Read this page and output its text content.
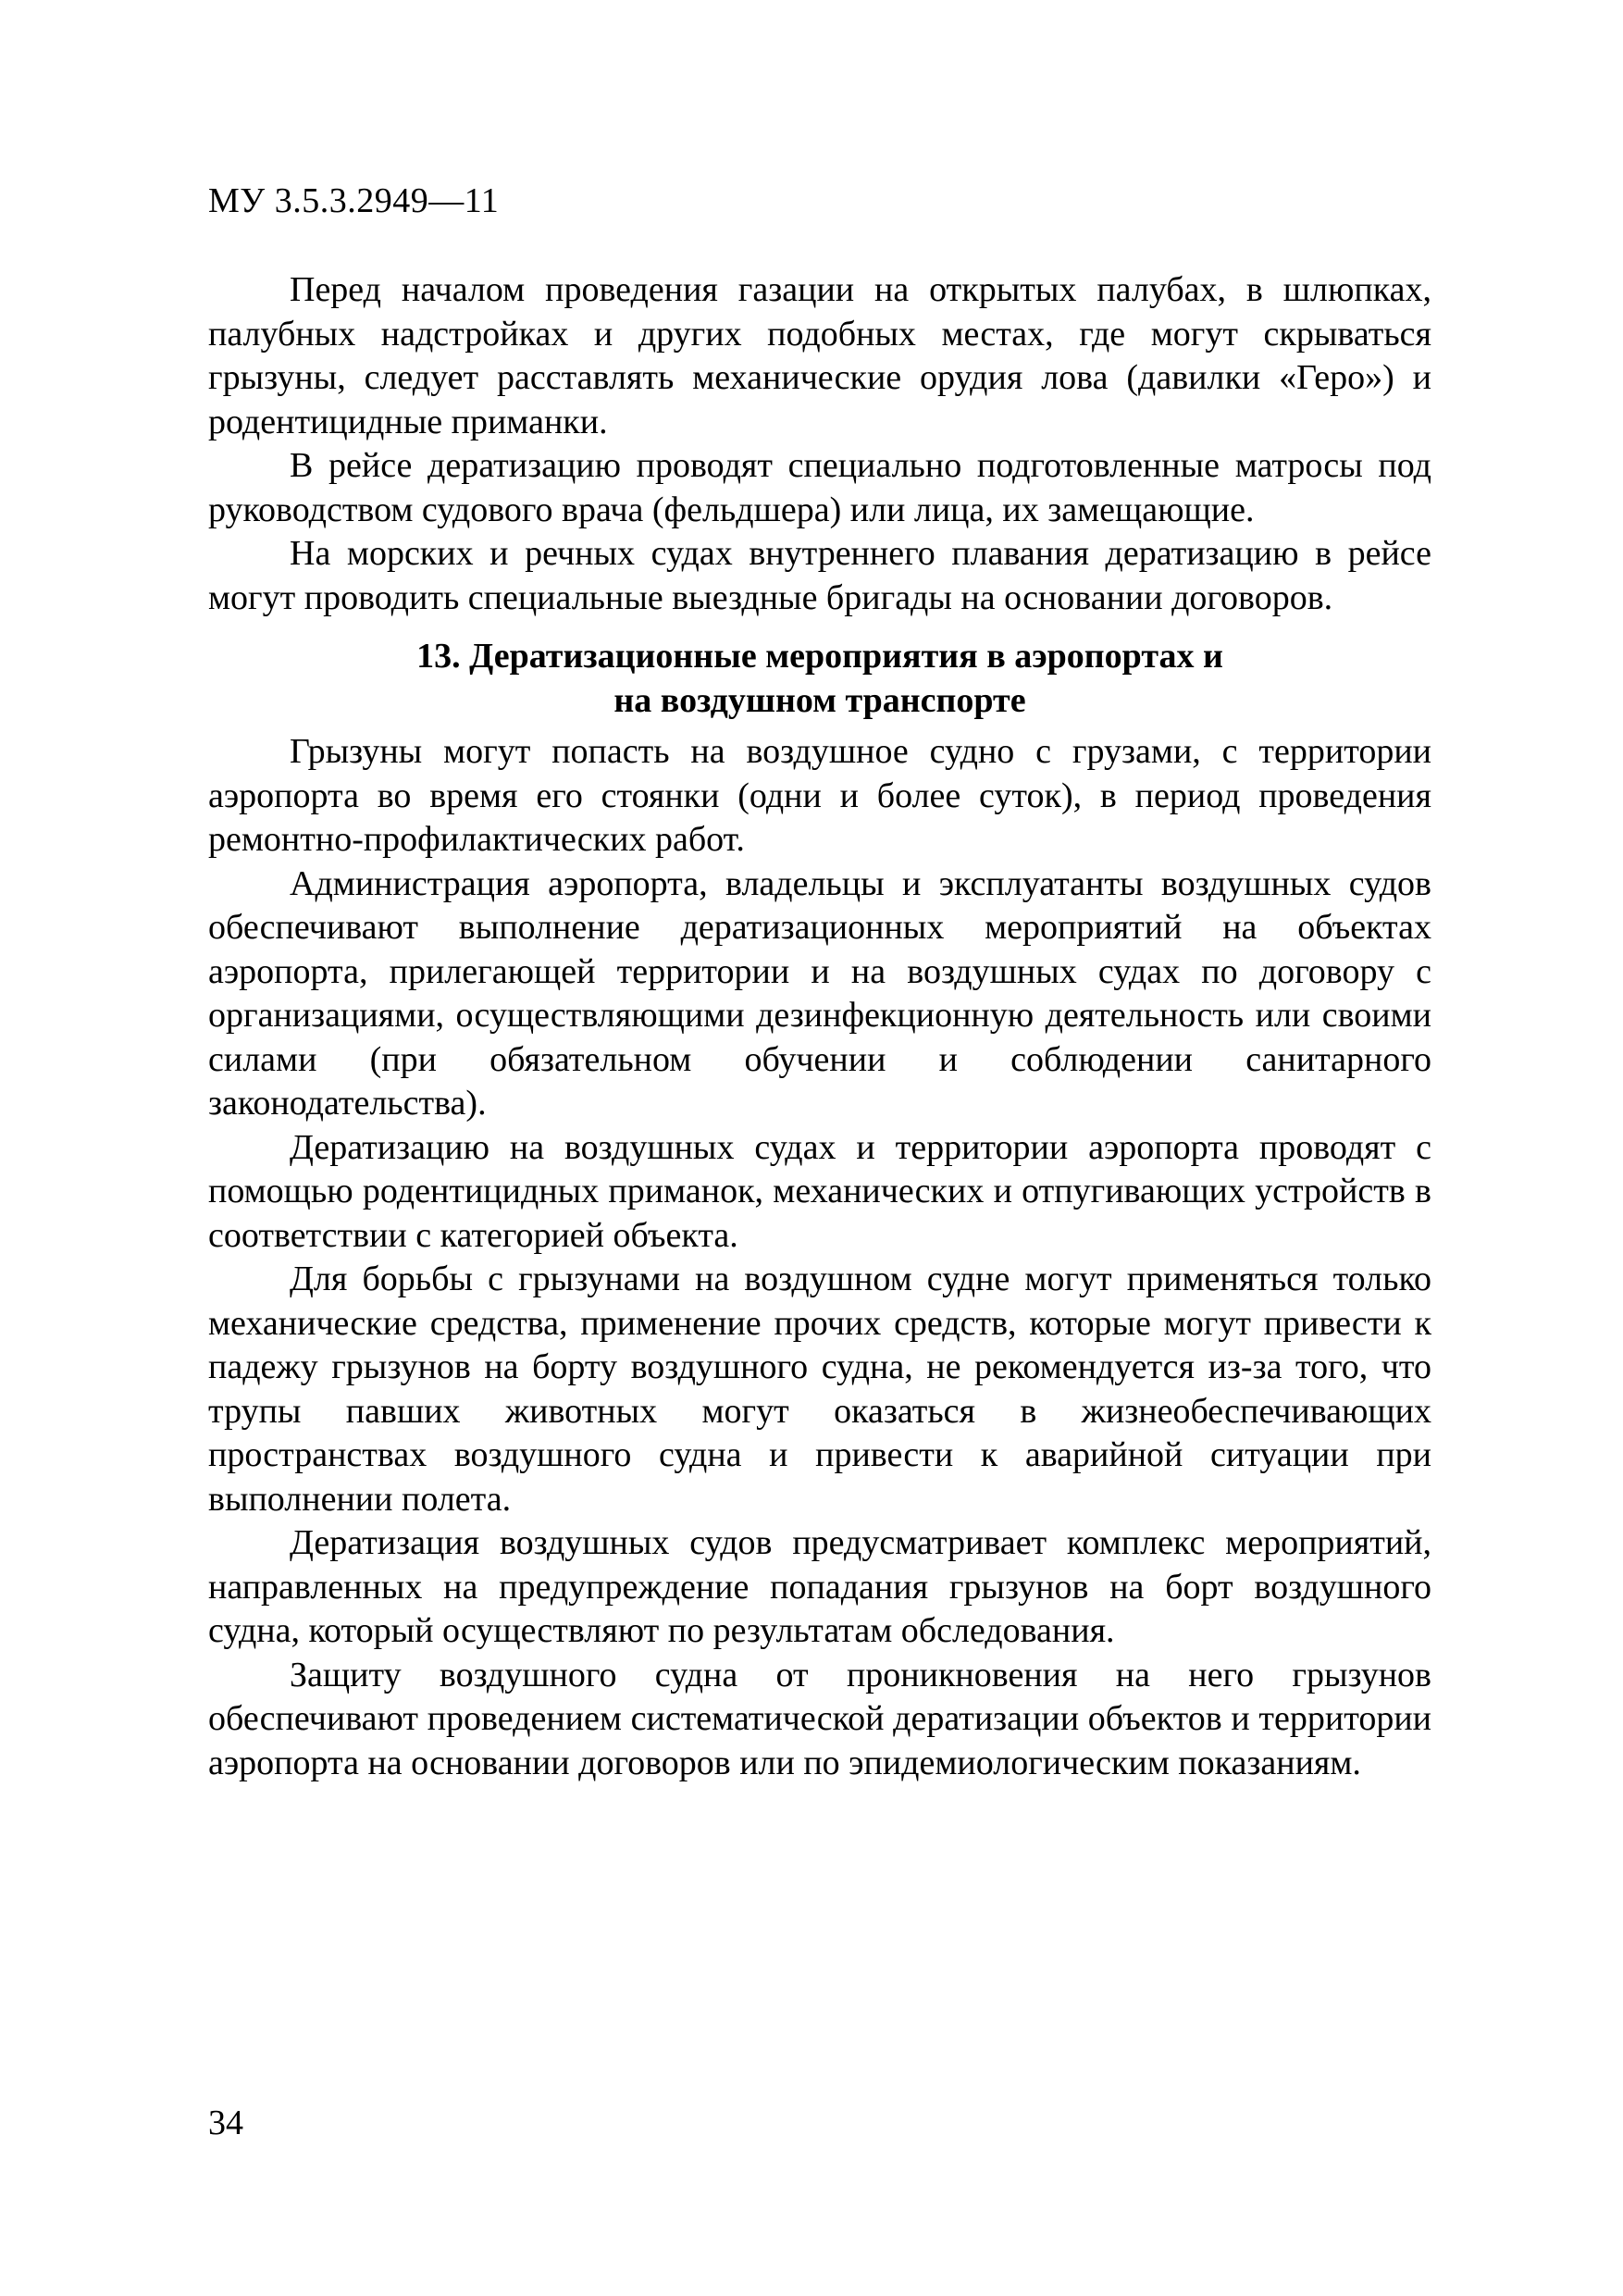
МУ 3.5.3.2949—11

Перед началом проведения газации на открытых палубах, в шлюпках, палубных надстройках и других подобных местах, где могут скрываться грызуны, следует расставлять механические орудия лова (давилки «Геро») и родентицидные приманки.

В рейсе дератизацию проводят специально подготовленные матросы под руководством судового врача (фельдшера) или лица, их замещающие.

На морских и речных судах внутреннего плавания дератизацию в рейсе могут проводить специальные выездные бригады на основании договоров.

13. Дератизационные мероприятия в аэропортах и
на воздушном транспорте

Грызуны могут попасть на воздушное судно с грузами, с территории аэропорта во время его стоянки (одни и более суток), в период проведения ремонтно-профилактических работ.

Администрация аэропорта, владельцы и эксплуатанты воздушных судов обеспечивают выполнение дератизационных мероприятий на объектах аэропорта, прилегающей территории и на воздушных судах по договору с организациями, осуществляющими дезинфекционную деятельность или своими силами (при обязательном обучении и соблюдении санитарного законодательства).

Дератизацию на воздушных судах и территории аэропорта проводят с помощью родентицидных приманок, механических и отпугивающих устройств в соответствии с категорией объекта.

Для борьбы с грызунами на воздушном судне могут применяться только механические средства, применение прочих средств, которые могут привести к падежу грызунов на борту воздушного судна, не рекомендуется из-за того, что трупы павших животных могут оказаться в жизнеобеспечивающих пространствах воздушного судна и привести к аварийной ситуации при выполнении полета.

Дератизация воздушных судов предусматривает комплекс мероприятий, направленных на предупреждение попадания грызунов на борт воздушного судна, который осуществляют по результатам обследования.

Защиту воздушного судна от проникновения на него грызунов обеспечивают проведением систематической дератизации объектов и территории аэропорта на основании договоров или по эпидемиологическим показаниям.

34
